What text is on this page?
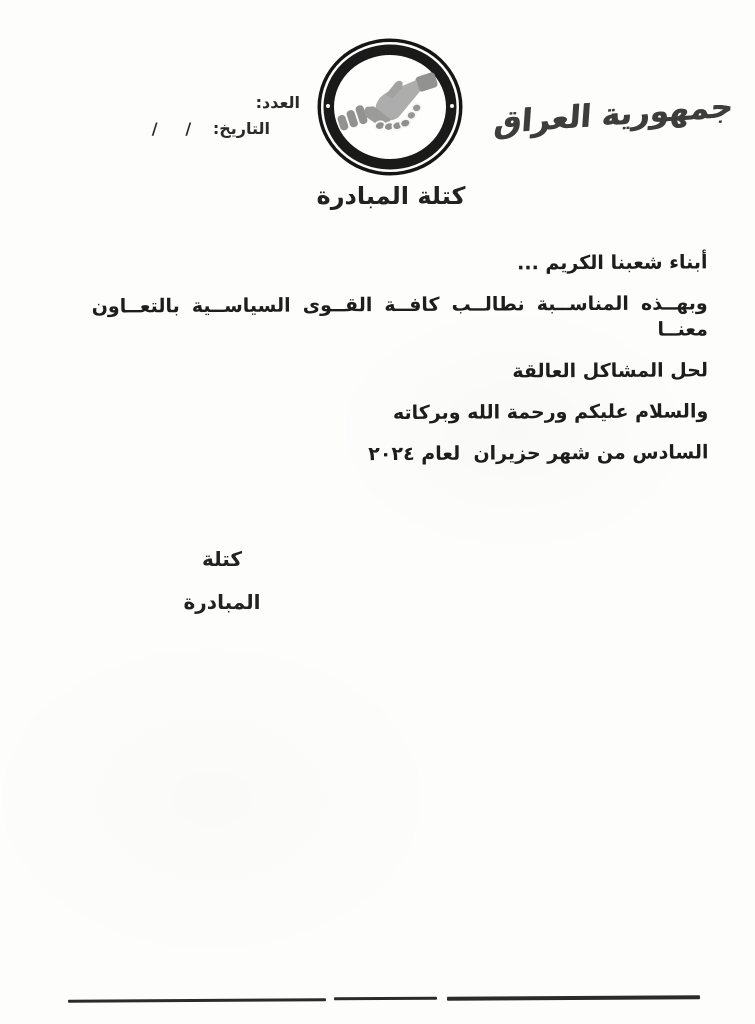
العدد:
التاريخ: /     /	جمهورية العراق
كتلة المبادرة

أبناء شعبنا الكريم ...

وبهــذه المناســبة نطالــب كافــة القــوى السياســية بالتعــاون معنــا

لحل المشاكل العالقة

والسلام عليكم ورحمة الله وبركاته

السادس من شهر حزيران  لعام ٢٠٢٤

كتلة
المبادرة
